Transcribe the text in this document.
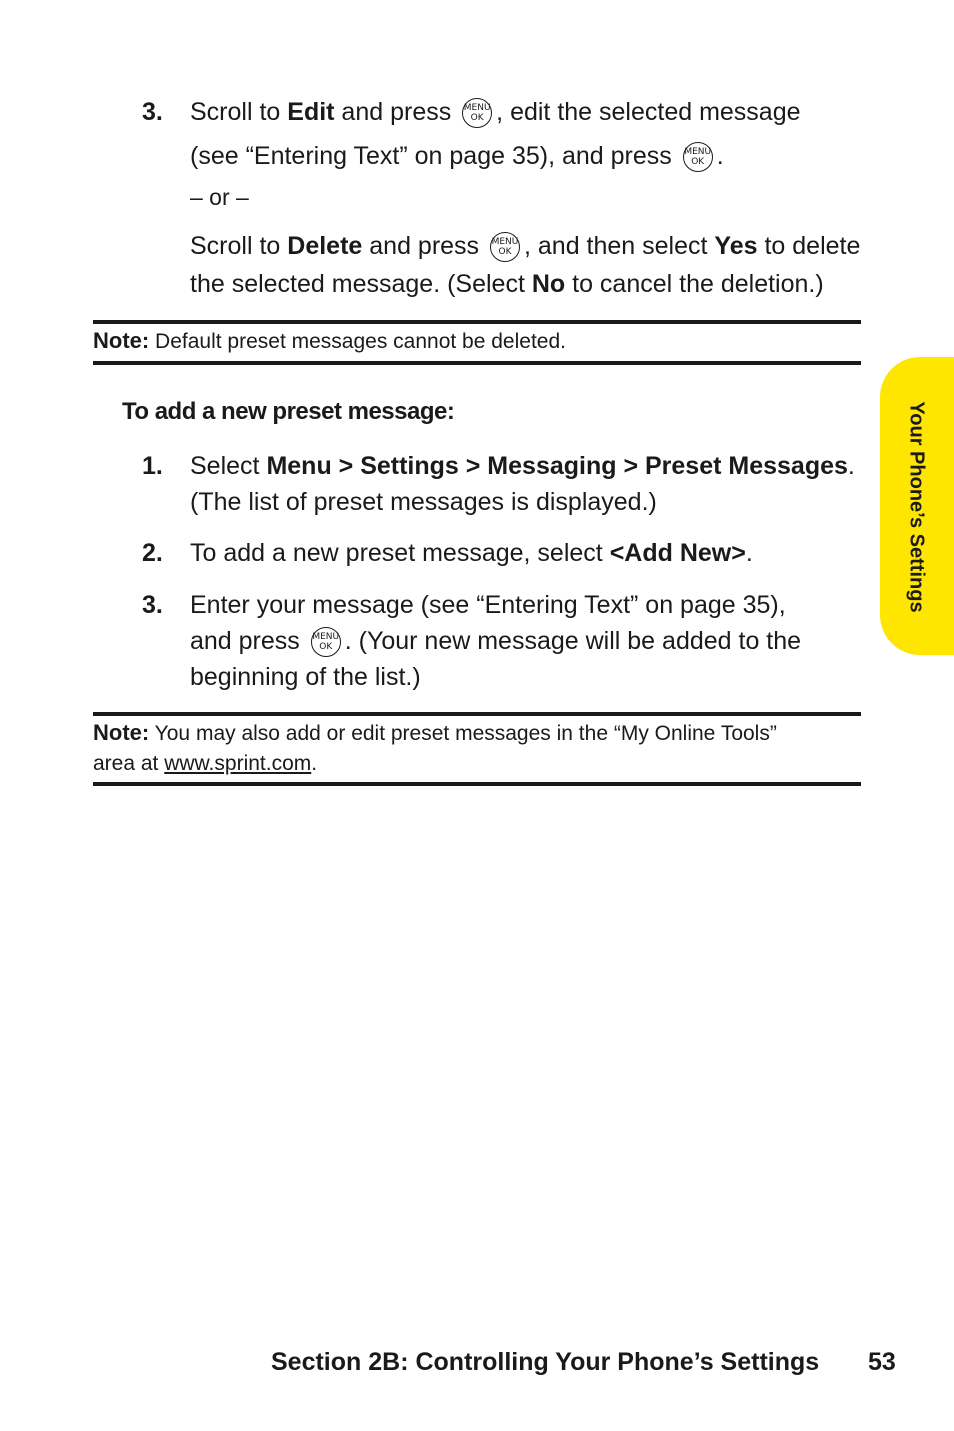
3. Scroll to Edit and press MENU
OK , edit the selected message
(see “Entering Text” on page 35), and press MENU
OK .
– or –
Scroll to Delete and press MENU
OK , and then select Yes to delete
the selected message. (Select No to cancel the deletion.)
Note: Default preset messages cannot be deleted.
To add a new preset message:
1. Select Menu > Settings > Messaging > Preset Messages.
(The list of preset messages is displayed.)
2. To add a new preset message, select <Add New>.
3. Enter your message (see “Entering Text” on page 35),
and press MENU
OK . (Your new message will be added to the
beginning of the list.)
Note: You may also add or edit preset messages in the “My Online Tools”
area at www.sprint.com.
Your Phone’s Settings
Section 2B: Controlling Your Phone’s Settings 53
